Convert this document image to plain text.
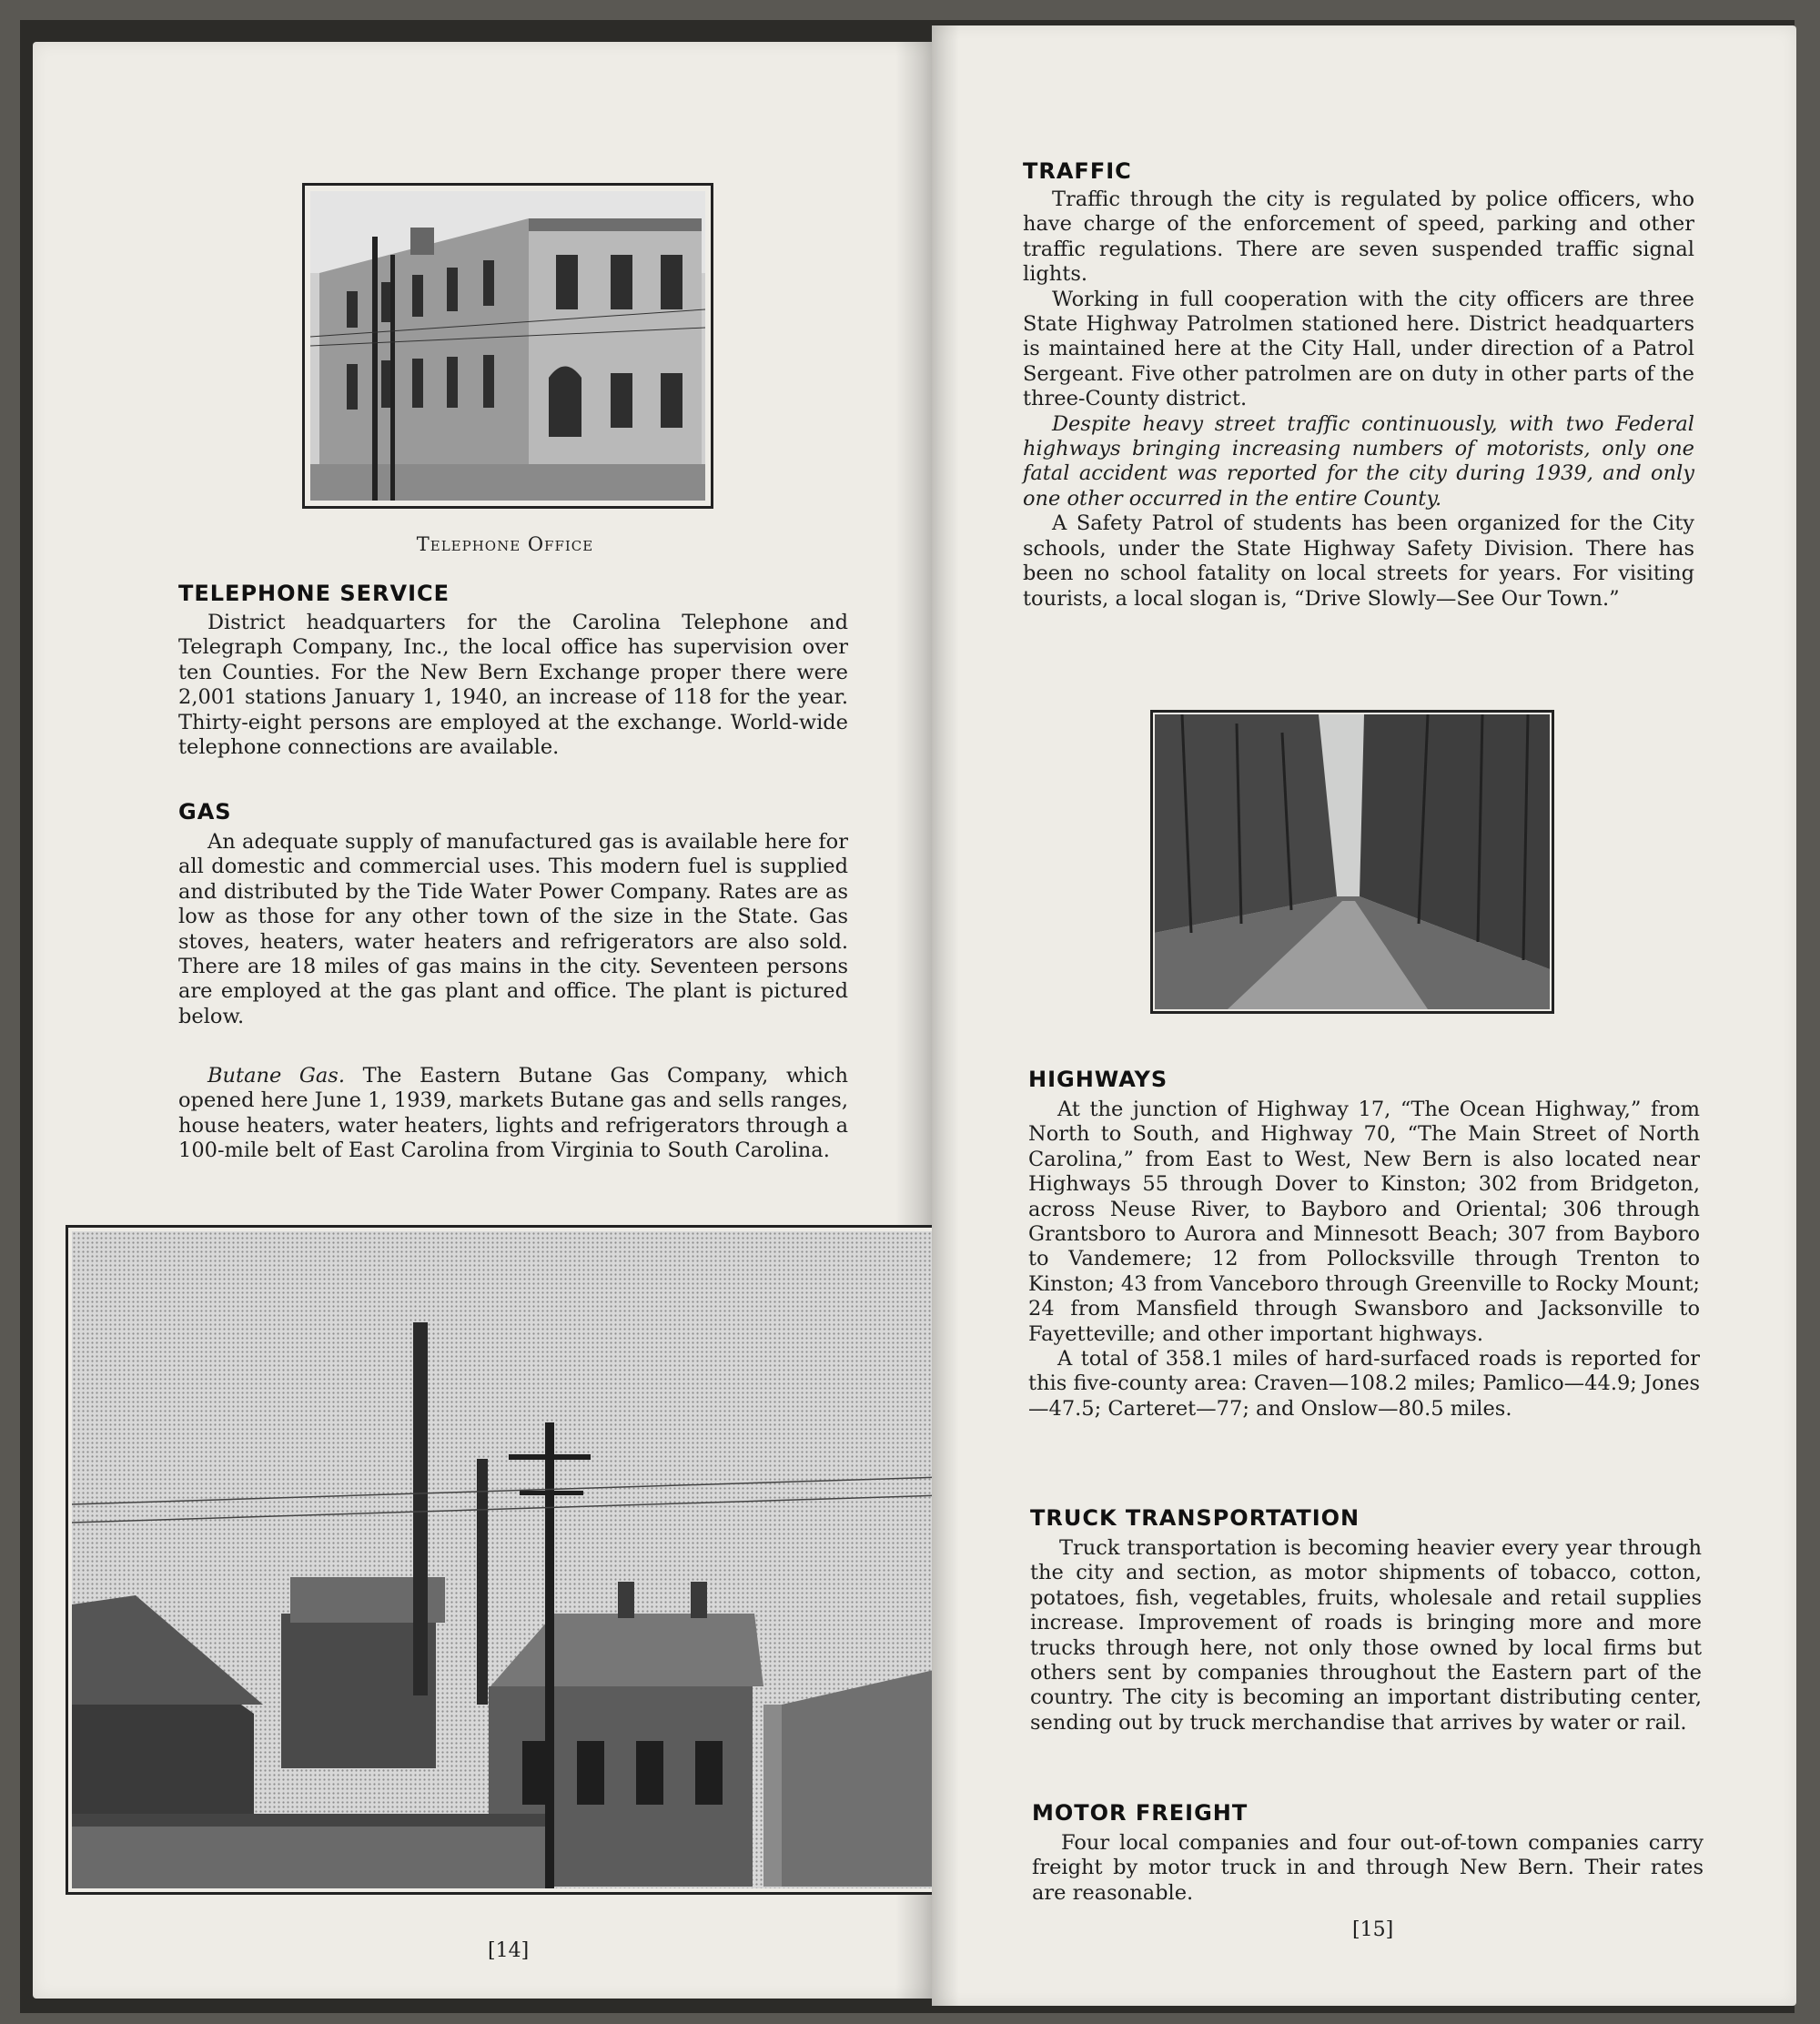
Telephone Office
TELEPHONE SERVICE

District headquarters for the Carolina Telephone and Telegraph Company, Inc., the local office has supervision over ten Counties. For the New Bern Exchange proper there were 2,001 stations January 1, 1940, an increase of 118 for the year. Thirty-eight persons are employed at the exchange. World-wide telephone connections are available.

GAS

An adequate supply of manufactured gas is available here for all domestic and commercial uses. This modern fuel is supplied and distributed by the Tide Water Power Company. Rates are as low as those for any other town of the size in the State. Gas stoves, heaters, water heaters and refrigerators are also sold. There are 18 miles of gas mains in the city. Seventeen persons are employed at the gas plant and office. The plant is pictured below.

Butane Gas. The Eastern Butane Gas Company, which opened here June 1, 1939, markets Butane gas and sells ranges, house heaters, water heaters, lights and refrigerators through a 100-mile belt of East Carolina from Virginia to South Carolina.

[14]
TRAFFIC

Traffic through the city is regulated by police officers, who have charge of the enforcement of speed, parking and other traffic regulations. There are seven suspended traffic signal lights.

Working in full cooperation with the city officers are three State Highway Patrolmen stationed here. District headquarters is maintained here at the City Hall, under direction of a Patrol Sergeant. Five other patrolmen are on duty in other parts of the three-County district.

Despite heavy street traffic continuously, with two Federal highways bringing increasing numbers of motorists, only one fatal accident was reported for the city during 1939, and only one other occurred in the entire County.

A Safety Patrol of students has been organized for the City schools, under the State Highway Safety Division. There has been no school fatality on local streets for years. For visiting tourists, a local slogan is, “Drive Slowly—See Our Town.”

HIGHWAYS

At the junction of Highway 17, “The Ocean Highway,” from North to South, and Highway 70, “The Main Street of North Carolina,” from East to West, New Bern is also located near Highways 55 through Dover to Kinston; 302 from Bridgeton, across Neuse River, to Bayboro and Oriental; 306 through Grantsboro to Aurora and Minnesott Beach; 307 from Bayboro to Vandemere; 12 from Pollocksville through Trenton to Kinston; 43 from Vanceboro through Greenville to Rocky Mount; 24 from Mansfield through Swansboro and Jacksonville to Fayetteville; and other important highways.

A total of 358.1 miles of hard-surfaced roads is reported for this five-county area: Craven—108.2 miles; Pamlico—44.9; Jones—47.5; Carteret—77; and Onslow—80.5 miles.

TRUCK TRANSPORTATION

Truck transportation is becoming heavier every year through the city and section, as motor shipments of tobacco, cotton, potatoes, fish, vegetables, fruits, wholesale and retail supplies increase. Improvement of roads is bringing more and more trucks through here, not only those owned by local firms but others sent by companies throughout the Eastern part of the country. The city is becoming an important distributing center, sending out by truck merchandise that arrives by water or rail.

MOTOR FREIGHT

Four local companies and four out-of-town companies carry freight by motor truck in and through New Bern. Their rates are reasonable.

[15]
